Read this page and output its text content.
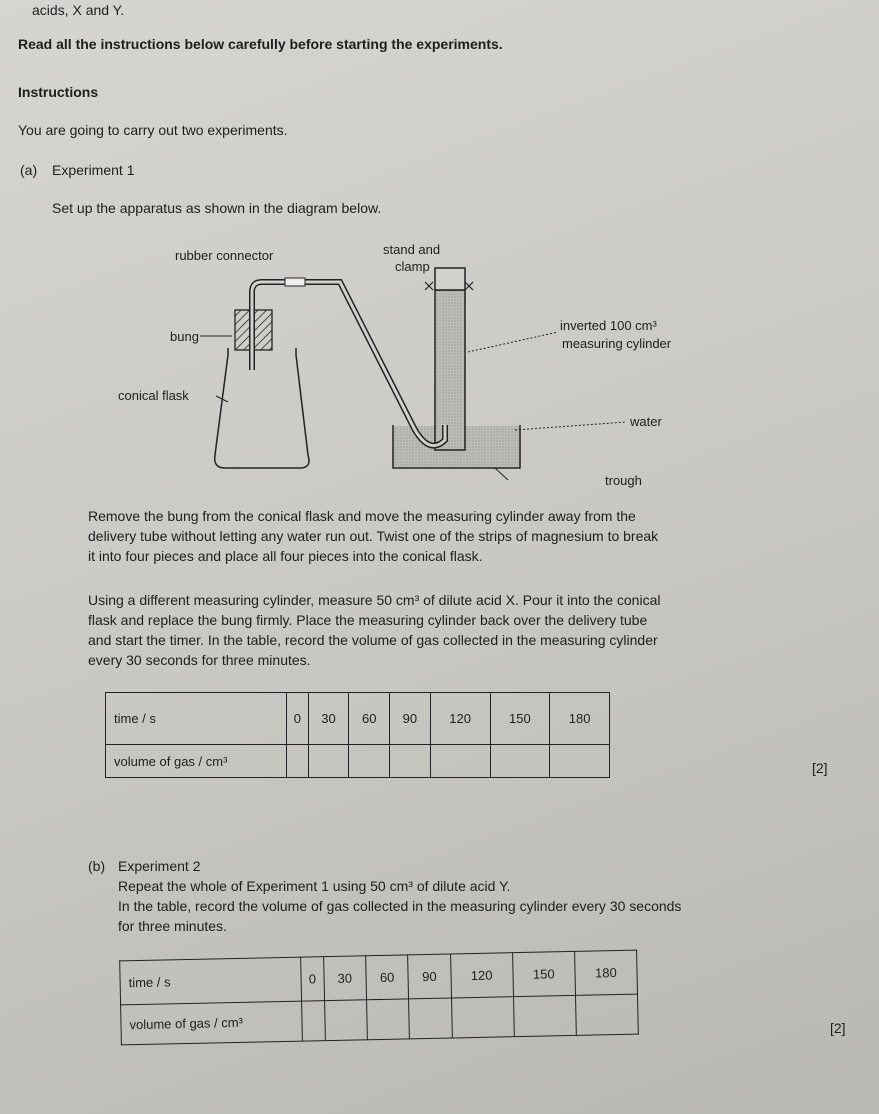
acids, X and Y.
Read all the instructions below carefully before starting the experiments.
Instructions
You are going to carry out two experiments.
(a) Experiment 1
Set up the apparatus as shown in the diagram below.
rubber connector	stand and
clamp
bung
conical flask
inverted 100 cm³
measuring cylinder
water
trough
Remove the bung from the conical flask and move the measuring cylinder away from the
delivery tube without letting any water run out. Twist one of the strips of magnesium to break
it into four pieces and place all four pieces into the conical flask.
Using a different measuring cylinder, measure 50 cm³ of dilute acid X. Pour it into the conical
flask and replace the bung firmly. Place the measuring cylinder back over the delivery tube
and start the timer. In the table, record the volume of gas collected in the measuring cylinder
every 30 seconds for three minutes.
time / s	0	30	60	90	120	150	180
volume of gas / cm³								[2]
(b) Experiment 2
Repeat the whole of Experiment 1 using 50 cm³ of dilute acid Y.
In the table, record the volume of gas collected in the measuring cylinder every 30 seconds
for three minutes.
time / s	0	30	60	90	120	150	180
volume of gas / cm³								[2]
